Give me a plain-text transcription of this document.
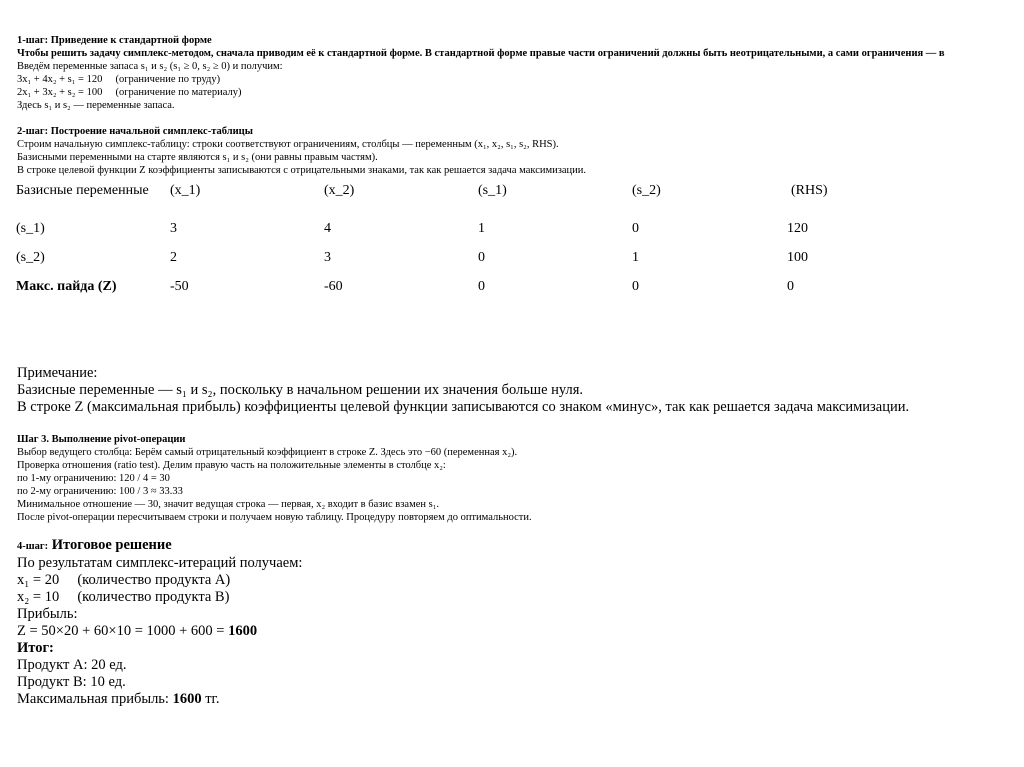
1-шаг: Приведение к стандартной форме
Чтобы решить задачу симплекс-методом, сначала приводим её к стандартной форме. В стандартной форме правые части ограничений должны быть неотрицательными, а сами ограничения — в
Введём переменные запаса s₁ и s₂ (s₁ ≥ 0, s₂ ≥ 0) и получим:
3x₁ + 4x₂ + s₁ = 120     (ограничение по труду)
2x₁ + 3x₂ + s₂ = 100     (ограничение по материалу)
Здесь s₁ и s₂ — переменные запаса.
2-шаг: Построение начальной симплекс-таблицы
Строим начальную симплекс-таблицу: строки соответствуют ограничениям, столбцы — переменным (x₁, x₂, s₁, s₂, RHS).
Базисными переменными на старте являются s₁ и s₂ (они равны правым частям).
В строке целевой функции Z коэффициенты записываются с отрицательными знаками, так как решается задача максимизации.
Базисные переменные	(x_1)	(x_2)	(s_1)	(s_2)	(RHS)
(s_1)	3	4	1	0	120
(s_2)	2	3	0	1	100
Макс. пайда (Z)	-50	-60	0	0	0
Примечание:
Базисные переменные — s₁ и s₂, поскольку в начальном решении их значения больше нуля.
В строке Z (максимальная прибыль) коэффициенты целевой функции записываются со знаком «минус», так как решается задача максимизации.
Шаг 3. Выполнение pivot-операции
Выбор ведущего столбца: Берём самый отрицательный коэффициент в строке Z. Здесь это −60 (переменная x₂).
Проверка отношения (ratio test). Делим правую часть на положительные элементы в столбце x₂:
по 1-му ограничению: 120 / 4 = 30
по 2-му ограничению: 100 / 3 ≈ 33.33
Минимальное отношение — 30, значит ведущая строка — первая, x₂ входит в базис взамен s₁.
После pivot-операции пересчитываем строки и получаем новую таблицу. Процедуру повторяем до оптимальности.
4-шаг: Итоговое решение
По результатам симплекс-итераций получаем:
x₁ = 20     (количество продукта A)
x₂ = 10     (количество продукта B)
Прибыль:
Z = 50×20 + 60×10 = 1000 + 600 = 1600
Итог:
Продукт A: 20 ед.
Продукт B: 10 ед.
Максимальная прибыль: 1600 тг.
